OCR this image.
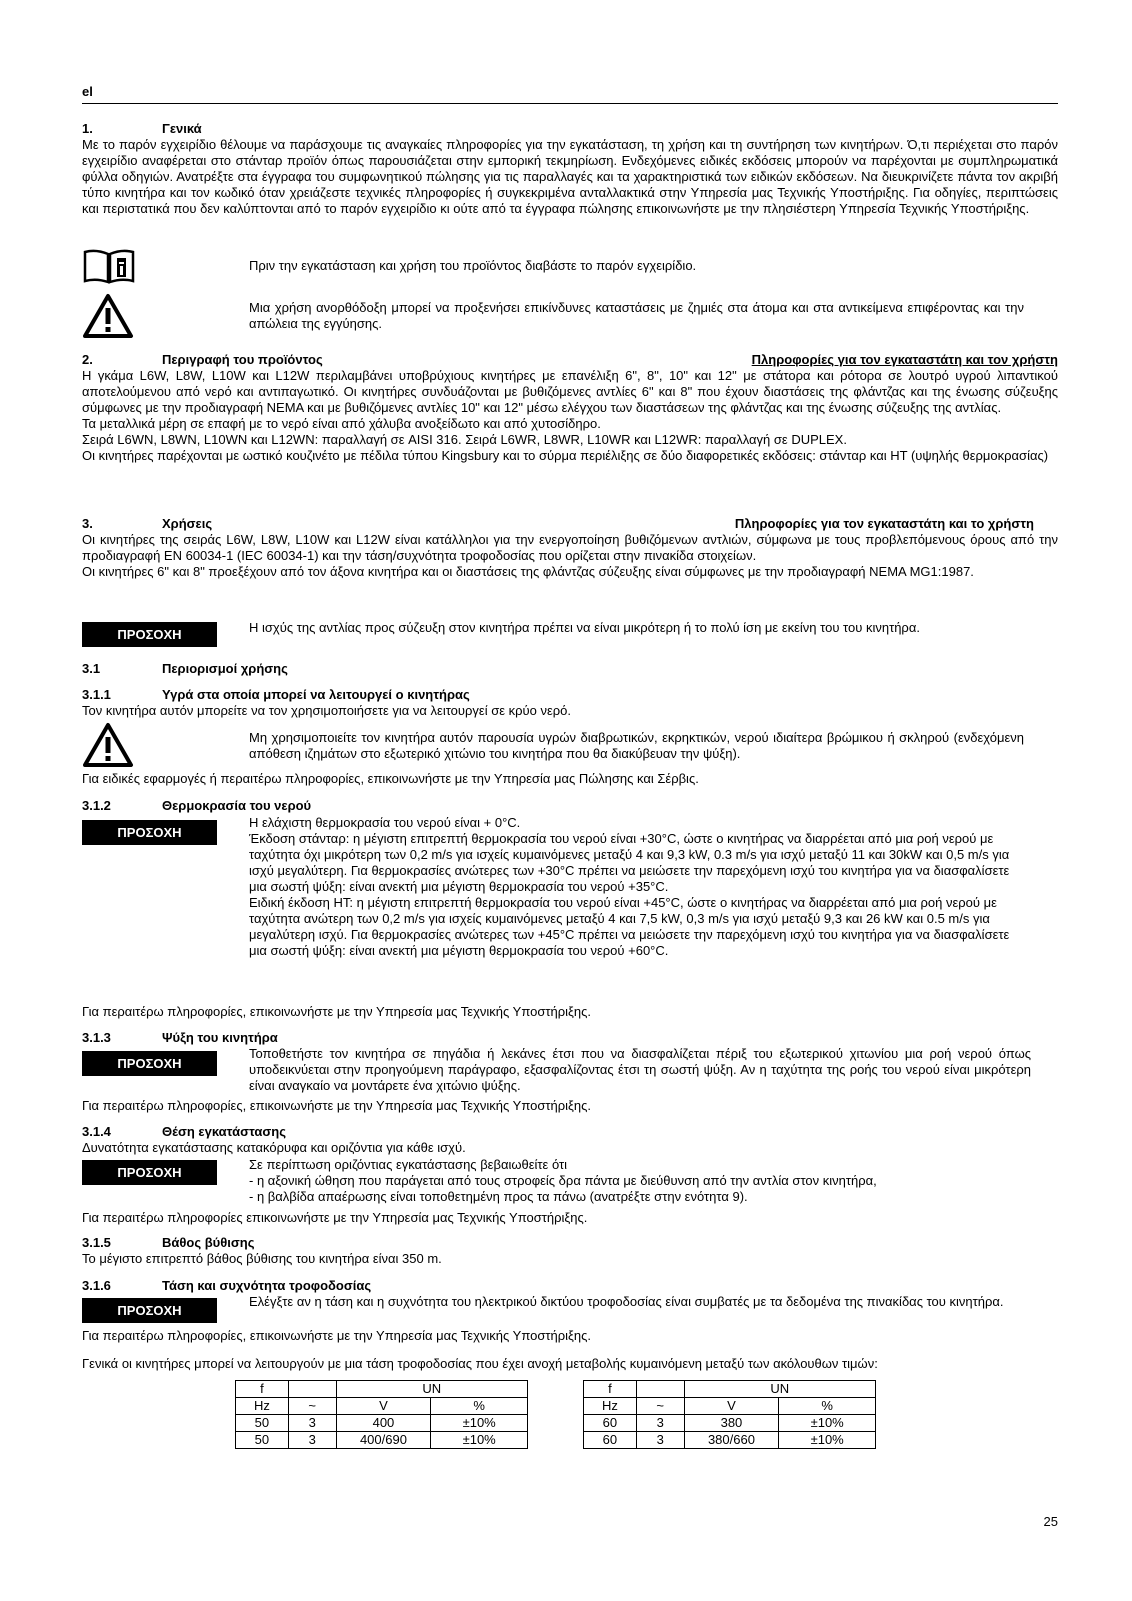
el
1.	Γενικά

Με το παρόν εγχειρίδιο θέλουμε να παράσχουμε τις αναγκαίες πληροφορίες για την εγκατάσταση, τη χρήση και τη συντήρηση των κινητήρων. Ό,τι περιέχεται στο παρόν εγχειρίδιο αναφέρεται στο στάνταρ προϊόν όπως παρουσιάζεται στην εμπορική τεκμηρίωση. Ενδεχόμενες ειδικές εκδόσεις μπορούν να παρέχονται με συμπληρωματικά φύλλα οδηγιών. Ανατρέξτε στα έγγραφα του συμφωνητικού πώλησης για τις παραλλαγές και τα χαρακτηριστικά των ειδικών εκδόσεων. Να διευκρινίζετε πάντα τον ακριβή τύπο κινητήρα και τον κωδικό όταν χρειάζεστε τεχνικές πληροφορίες ή συγκεκριμένα ανταλλακτικά στην Υπηρεσία μας Τεχνικής Υποστήριξης. Για οδηγίες, περιπτώσεις και περιστατικά που δεν καλύπτονται από το παρόν εγχειρίδιο κι ούτε από τα έγγραφα πώλησης επικοινωνήστε με την πλησιέστερη Υπηρεσία Τεχνικής Υποστήριξης.

Πριν την εγκατάσταση και χρήση του προϊόντος διαβάστε το παρόν εγχειρίδιο.

Μια χρήση ανορθόδοξη μπορεί να προξενήσει επικίνδυνες καταστάσεις με ζημιές στα άτομα και στα αντικείμενα επιφέροντας και την απώλεια της εγγύησης.

2.	Περιγραφή του προϊόντος	Πληροφορίες για τον εγκαταστάτη και τον χρήστη

Η γκάμα L6W, L8W, L10W και L12W περιλαμβάνει υποβρύχιους κινητήρες με επανέλιξη 6", 8", 10" και 12" με στάτορα και ρότορα σε λουτρό υγρού λιπαντικού αποτελούμενου από νερό και αντιπαγωτικό. Οι κινητήρες συνδυάζονται με βυθιζόμενες αντλίες 6" και 8" που έχουν διαστάσεις της φλάντζας και της ένωσης σύζευξης σύμφωνες με την προδιαγραφή NEMA και με βυθιζόμενες αντλίες 10" και 12" μέσω ελέγχου των διαστάσεων της φλάντζας και της ένωσης σύζευξης της αντλίας.

Τα μεταλλικά μέρη σε επαφή με το νερό είναι από χάλυβα ανοξείδωτο και από χυτοσίδηρο.

Σειρά L6WN, L8WN, L10WN και L12WN: παραλλαγή σε AISI 316. Σειρά L6WR, L8WR, L10WR και L12WR: παραλλαγή σε DUPLEX.

Οι κινητήρες παρέχονται με ωστικό κουζινέτο με πέδιλα τύπου Kingsbury και το σύρμα περιέλιξης σε δύο διαφορετικές εκδόσεις: στάνταρ και HT (υψηλής θερμοκρασίας)

3.	Χρήσεις	Πληροφορίες για τον εγκαταστάτη και το χρήστη

Οι κινητήρες της σειράς L6W, L8W, L10W και L12W είναι κατάλληλοι για την ενεργοποίηση βυθιζόμενων αντλιών, σύμφωνα με τους προβλεπόμενους όρους από την προδιαγραφή EN 60034-1 (IEC 60034-1) και την τάση/συχνότητα τροφοδοσίας που ορίζεται στην πινακίδα στοιχείων.

Οι κινητήρες 6" και 8" προεξέχουν από τον άξονα κινητήρα και οι διαστάσεις της φλάντζας σύζευξης είναι σύμφωνες με την προδιαγραφή NEMA MG1:1987.

ΠΡΟΣΟΧΗ	Η ισχύς της αντλίας προς σύζευξη στον κινητήρα πρέπει να είναι μικρότερη ή το πολύ ίση με εκείνη του του κινητήρα.

3.1	Περιορισμοί χρήσης
3.1.1	Υγρά στα οποία μπορεί να λειτουργεί ο κινητήρας

Τον κινητήρα αυτόν μπορείτε να τον χρησιμοποιήσετε για να λειτουργεί σε κρύο νερό.

Μη χρησιμοποιείτε τον κινητήρα αυτόν παρουσία υγρών διαβρωτικών, εκρηκτικών, νερού ιδιαίτερα βρώμικου ή σκληρού (ενδεχόμενη απόθεση ιζημάτων στο εξωτερικό χιτώνιο του κινητήρα που θα διακύβευαν την ψύξη).

Για ειδικές εφαρμογές ή περαιτέρω πληροφορίες, επικοινωνήστε με την Υπηρεσία μας Πώλησης και Σέρβις.

3.1.2	Θερμοκρασία του νερού
ΠΡΟΣΟΧΗ

Η ελάχιστη θερμοκρασία του νερού είναι + 0°C.

Έκδοση στάνταρ: η μέγιστη επιτρεπτή θερμοκρασία του νερού είναι +30°C, ώστε ο κινητήρας να διαρρέεται από μια ροή νερού με ταχύτητα όχι μικρότερη των 0,2 m/s για ισχείς κυμαινόμενες μεταξύ 4 και 9,3 kW, 0.3 m/s για ισχύ μεταξύ 11 και 30kW και 0,5 m/s για ισχύ μεγαλύτερη. Για θερμοκρασίες ανώτερες των +30°C πρέπει να μειώσετε την παρεχόμενη ισχύ του κινητήρα για να διασφαλίσετε μια σωστή ψύξη: είναι ανεκτή μια μέγιστη θερμοκρασία του νερού +35°C.

Ειδική έκδοση HT: η μέγιστη επιτρεπτή θερμοκρασία του νερού είναι +45°C, ώστε ο κινητήρας να διαρρέεται από μια ροή νερού με ταχύτητα ανώτερη των 0,2 m/s για ισχείς κυμαινόμενες μεταξύ 4 και 7,5 kW, 0,3 m/s για ισχύ μεταξύ 9,3 και 26 kW και 0.5 m/s για μεγαλύτερη ισχύ. Για θερμοκρασίες ανώτερες των +45°C πρέπει να μειώσετε την παρεχόμενη ισχύ του κινητήρα για να διασφαλίσετε μια σωστή ψύξη: είναι ανεκτή μια μέγιστη θερμοκρασία του νερού +60°C.

Για περαιτέρω πληροφορίες, επικοινωνήστε με την Υπηρεσία μας Τεχνικής Υποστήριξης.

3.1.3	Ψύξη του κινητήρα
ΠΡΟΣΟΧΗ

Τοποθετήστε τον κινητήρα σε πηγάδια ή λεκάνες έτσι που να διασφαλίζεται πέριξ του εξωτερικού χιτωνίου μια ροή νερού όπως υποδεικνύεται στην προηγούμενη παράγραφο, εξασφαλίζοντας έτσι τη σωστή ψύξη. Αν η ταχύτητα της ροής του νερού είναι μικρότερη είναι αναγκαίο να μοντάρετε ένα χιτώνιο ψύξης.

Για περαιτέρω πληροφορίες, επικοινωνήστε με την Υπηρεσία μας Τεχνικής Υποστήριξης.

3.1.4	Θέση εγκατάστασης

Δυνατότητα εγκατάστασης κατακόρυφα και οριζόντια για κάθε ισχύ.

ΠΡΟΣΟΧΗ

Σε περίπτωση οριζόντιας εγκατάστασης βεβαιωθείτε ότι

- η αξονική ώθηση που παράγεται από τους στροφείς δρα πάντα με διεύθυνση από την αντλία στον κινητήρα,

- η βαλβίδα απαέρωσης είναι τοποθετημένη προς τα πάνω (ανατρέξτε στην ενότητα 9).

Για περαιτέρω πληροφορίες επικοινωνήστε με την Υπηρεσία μας Τεχνικής Υποστήριξης.

3.1.5	Βάθος βύθισης

Το μέγιστο επιτρεπτό βάθος βύθισης του κινητήρα είναι 350 m.

3.1.6	Τάση και συχνότητα τροφοδοσίας
ΠΡΟΣΟΧΗ

Ελέγξτε αν η τάση και η συχνότητα του ηλεκτρικού δικτύου τροφοδοσίας είναι συμβατές με τα δεδομένα της πινακίδας του κινητήρα.

Για περαιτέρω πληροφορίες, επικοινωνήστε με την Υπηρεσία μας Τεχνικής Υποστήριξης.

Γενικά οι κινητήρες μπορεί να λειτουργούν με μια τάση τροφοδοσίας που έχει ανοχή μεταβολής κυμαινόμενη μεταξύ των ακόλουθων τιμών:

f		UN	
Hz	~	V	%
50	3	400	±10%
50	3	400/690	±10%
f		UN	
Hz	~	V	%
60	3	380	±10%
60	3	380/660	±10%
25
